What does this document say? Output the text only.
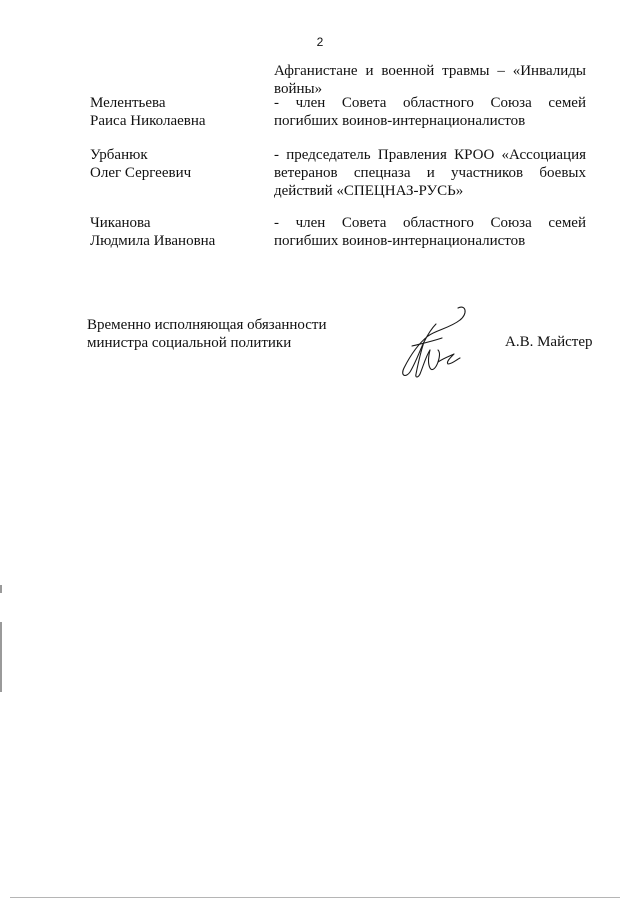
2
Афганистане и военной травмы – «Инвалиды войны»
Мелентьева
Раиса Николаевна
- член Совета областного Союза семей погибших воинов-интернационалистов
Урбанюк
Олег Сергеевич
- председатель Правления КРОО «Ассоциация ветеранов спецназа и участников боевых действий «СПЕЦНАЗ-РУСЬ»
Чиканова
Людмила Ивановна
- член Совета областного Союза семей погибших воинов-интернационалистов
Временно исполняющая обязанности
министра социальной политики	А.В. Майстер
